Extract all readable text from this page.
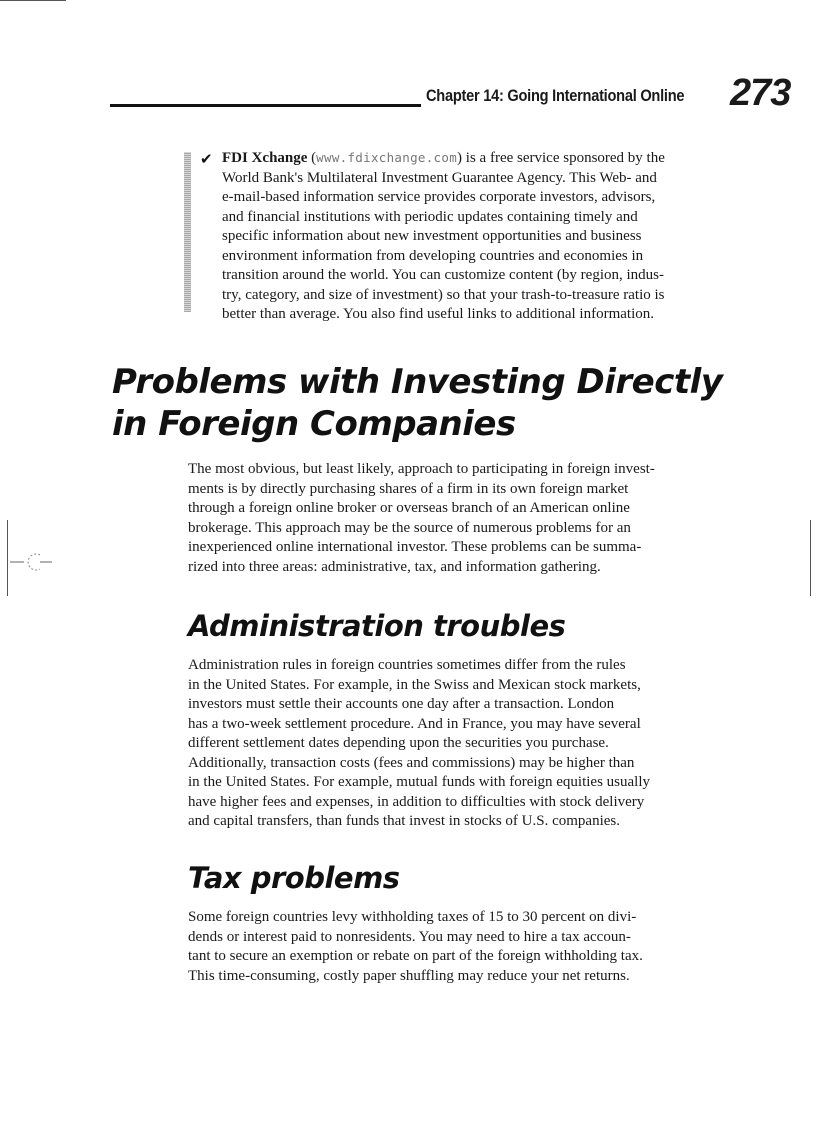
Chapter 14: Going International Online 273
✔ FDI Xchange (www.fdixchange.com) is a free service sponsored by the
World Bank's Multilateral Investment Guarantee Agency. This Web- and
e-mail-based information service provides corporate investors, advisors,
and financial institutions with periodic updates containing timely and
specific information about new investment opportunities and business
environment information from developing countries and economies in
transition around the world. You can customize content (by region, indus-
try, category, and size of investment) so that your trash-to-treasure ratio is
better than average. You also find useful links to additional information.
Problems with Investing Directly
in Foreign Companies
The most obvious, but least likely, approach to participating in foreign invest-
ments is by directly purchasing shares of a firm in its own foreign market
through a foreign online broker or overseas branch of an American online
brokerage. This approach may be the source of numerous problems for an
inexperienced online international investor. These problems can be summa-
rized into three areas: administrative, tax, and information gathering.
Administration troubles
Administration rules in foreign countries sometimes differ from the rules
in the United States. For example, in the Swiss and Mexican stock markets,
investors must settle their accounts one day after a transaction. London
has a two-week settlement procedure. And in France, you may have several
different settlement dates depending upon the securities you purchase.
Additionally, transaction costs (fees and commissions) may be higher than
in the United States. For example, mutual funds with foreign equities usually
have higher fees and expenses, in addition to difficulties with stock delivery
and capital transfers, than funds that invest in stocks of U.S. companies.
Tax problems
Some foreign countries levy withholding taxes of 15 to 30 percent on divi-
dends or interest paid to nonresidents. You may need to hire a tax accoun-
tant to secure an exemption or rebate on part of the foreign withholding tax.
This time-consuming, costly paper shuffling may reduce your net returns.
